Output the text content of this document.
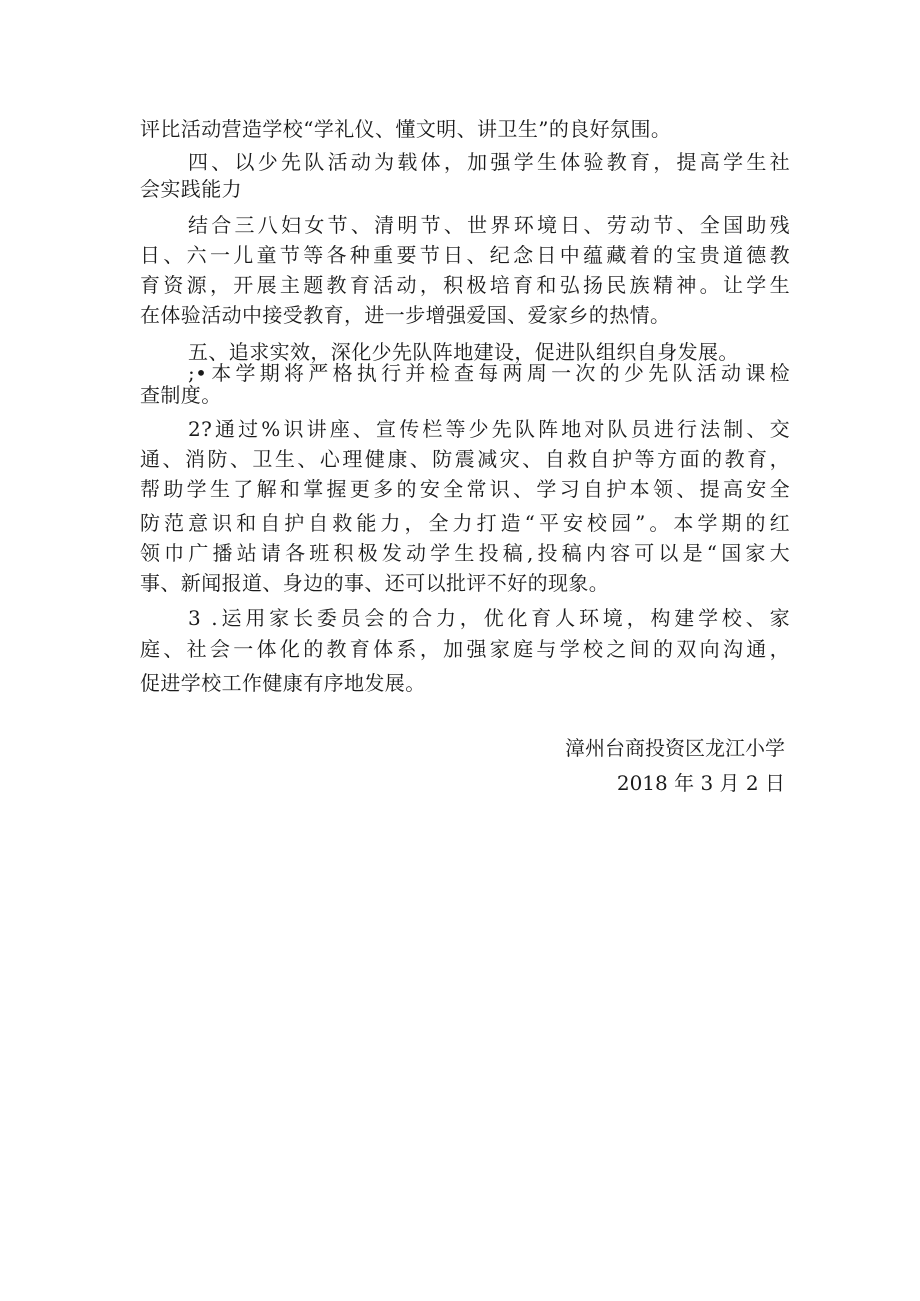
评比活动营造学校“学礼仪、懂文明、讲卫生”的良好氛围。
四、以少先队活动为载体，加强学生体验教育，提高学生社
会实践能力
结合三八妇女节、清明节、世界环境日、劳动节、全国助残
日、六一儿童节等各种重要节日、纪念日中蕴藏着的宝贵道德教
育资源，开展主题教育活动，积极培育和弘扬民族精神。让学生
在体验活动中接受教育，进一步增强爱国、爱家乡的热情。
五、追求实效，深化少先队阵地建设，促进队组织自身发展。
;•本学期将严格执行并检查每两周一次的少先队活动课检
查制度。
2?通过%识讲座、宣传栏等少先队阵地对队员进行法制、交
通、消防、卫生、心理健康、防震减灾、自救自护等方面的教育，
帮助学生了解和掌握更多的安全常识、学习自护本领、提高安全
防范意识和自护自救能力，全力打造“平安校园”。本学期的红
领巾广播站请各班积极发动学生投稿,投稿内容可以是“国家大
事、新闻报道、身边的事、还可以批评不好的现象。
3 .运用家长委员会的合力，优化育人环境，构建学校、家
庭、社会一体化的教育体系，加强家庭与学校之间的双向沟通，
促进学校工作健康有序地发展。
漳州台商投资区龙江小学
2018 年 3 月 2 日
